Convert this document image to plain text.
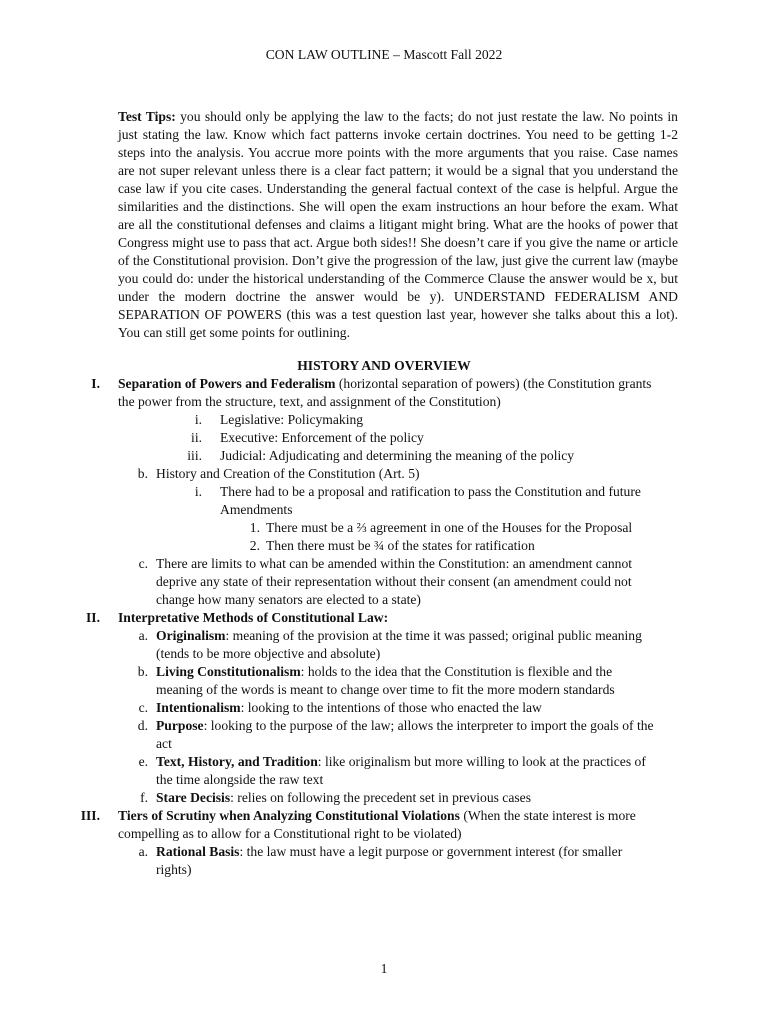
CON LAW OUTLINE – Mascott Fall 2022
Test Tips: you should only be applying the law to the facts; do not just restate the law. No points in just stating the law. Know which fact patterns invoke certain doctrines. You need to be getting 1-2 steps into the analysis. You accrue more points with the more arguments that you raise. Case names are not super relevant unless there is a clear fact pattern; it would be a signal that you understand the case law if you cite cases. Understanding the general factual context of the case is helpful. Argue the similarities and the distinctions. She will open the exam instructions an hour before the exam. What are all the constitutional defenses and claims a litigant might bring. What are the hooks of power that Congress might use to pass that act. Argue both sides!! She doesn’t care if you give the name or article of the Constitutional provision. Don’t give the progression of the law, just give the current law (maybe you could do: under the historical understanding of the Commerce Clause the answer would be x, but under the modern doctrine the answer would be y). UNDERSTAND FEDERALISM AND SEPARATION OF POWERS (this was a test question last year, however she talks about this a lot). You can still get some points for outlining.
HISTORY AND OVERVIEW
I.	Separation of Powers and Federalism (horizontal separation of powers) (the Constitution grants the power from the structure, text, and assignment of the Constitution)
i.	Legislative: Policymaking
ii.	Executive: Enforcement of the policy
iii.	Judicial: Adjudicating and determining the meaning of the policy
b. History and Creation of the Constitution (Art. 5)
i.	There had to be a proposal and ratification to pass the Constitution and future Amendments
1. There must be a ⅔ agreement in one of the Houses for the Proposal
2. Then there must be ¾ of the states for ratification
c. There are limits to what can be amended within the Constitution: an amendment cannot deprive any state of their representation without their consent (an amendment could not change how many senators are elected to a state)
II.	Interpretative Methods of Constitutional Law:
a. Originalism: meaning of the provision at the time it was passed; original public meaning (tends to be more objective and absolute)
b. Living Constitutionalism: holds to the idea that the Constitution is flexible and the meaning of the words is meant to change over time to fit the more modern standards
c. Intentionalism: looking to the intentions of those who enacted the law
d. Purpose: looking to the purpose of the law; allows the interpreter to import the goals of the act
e. Text, History, and Tradition: like originalism but more willing to look at the practices of the time alongside the raw text
f. Stare Decisis: relies on following the precedent set in previous cases
III.	Tiers of Scrutiny when Analyzing Constitutional Violations (When the state interest is more compelling as to allow for a Constitutional right to be violated)
a. Rational Basis: the law must have a legit purpose or government interest (for smaller rights)
1
